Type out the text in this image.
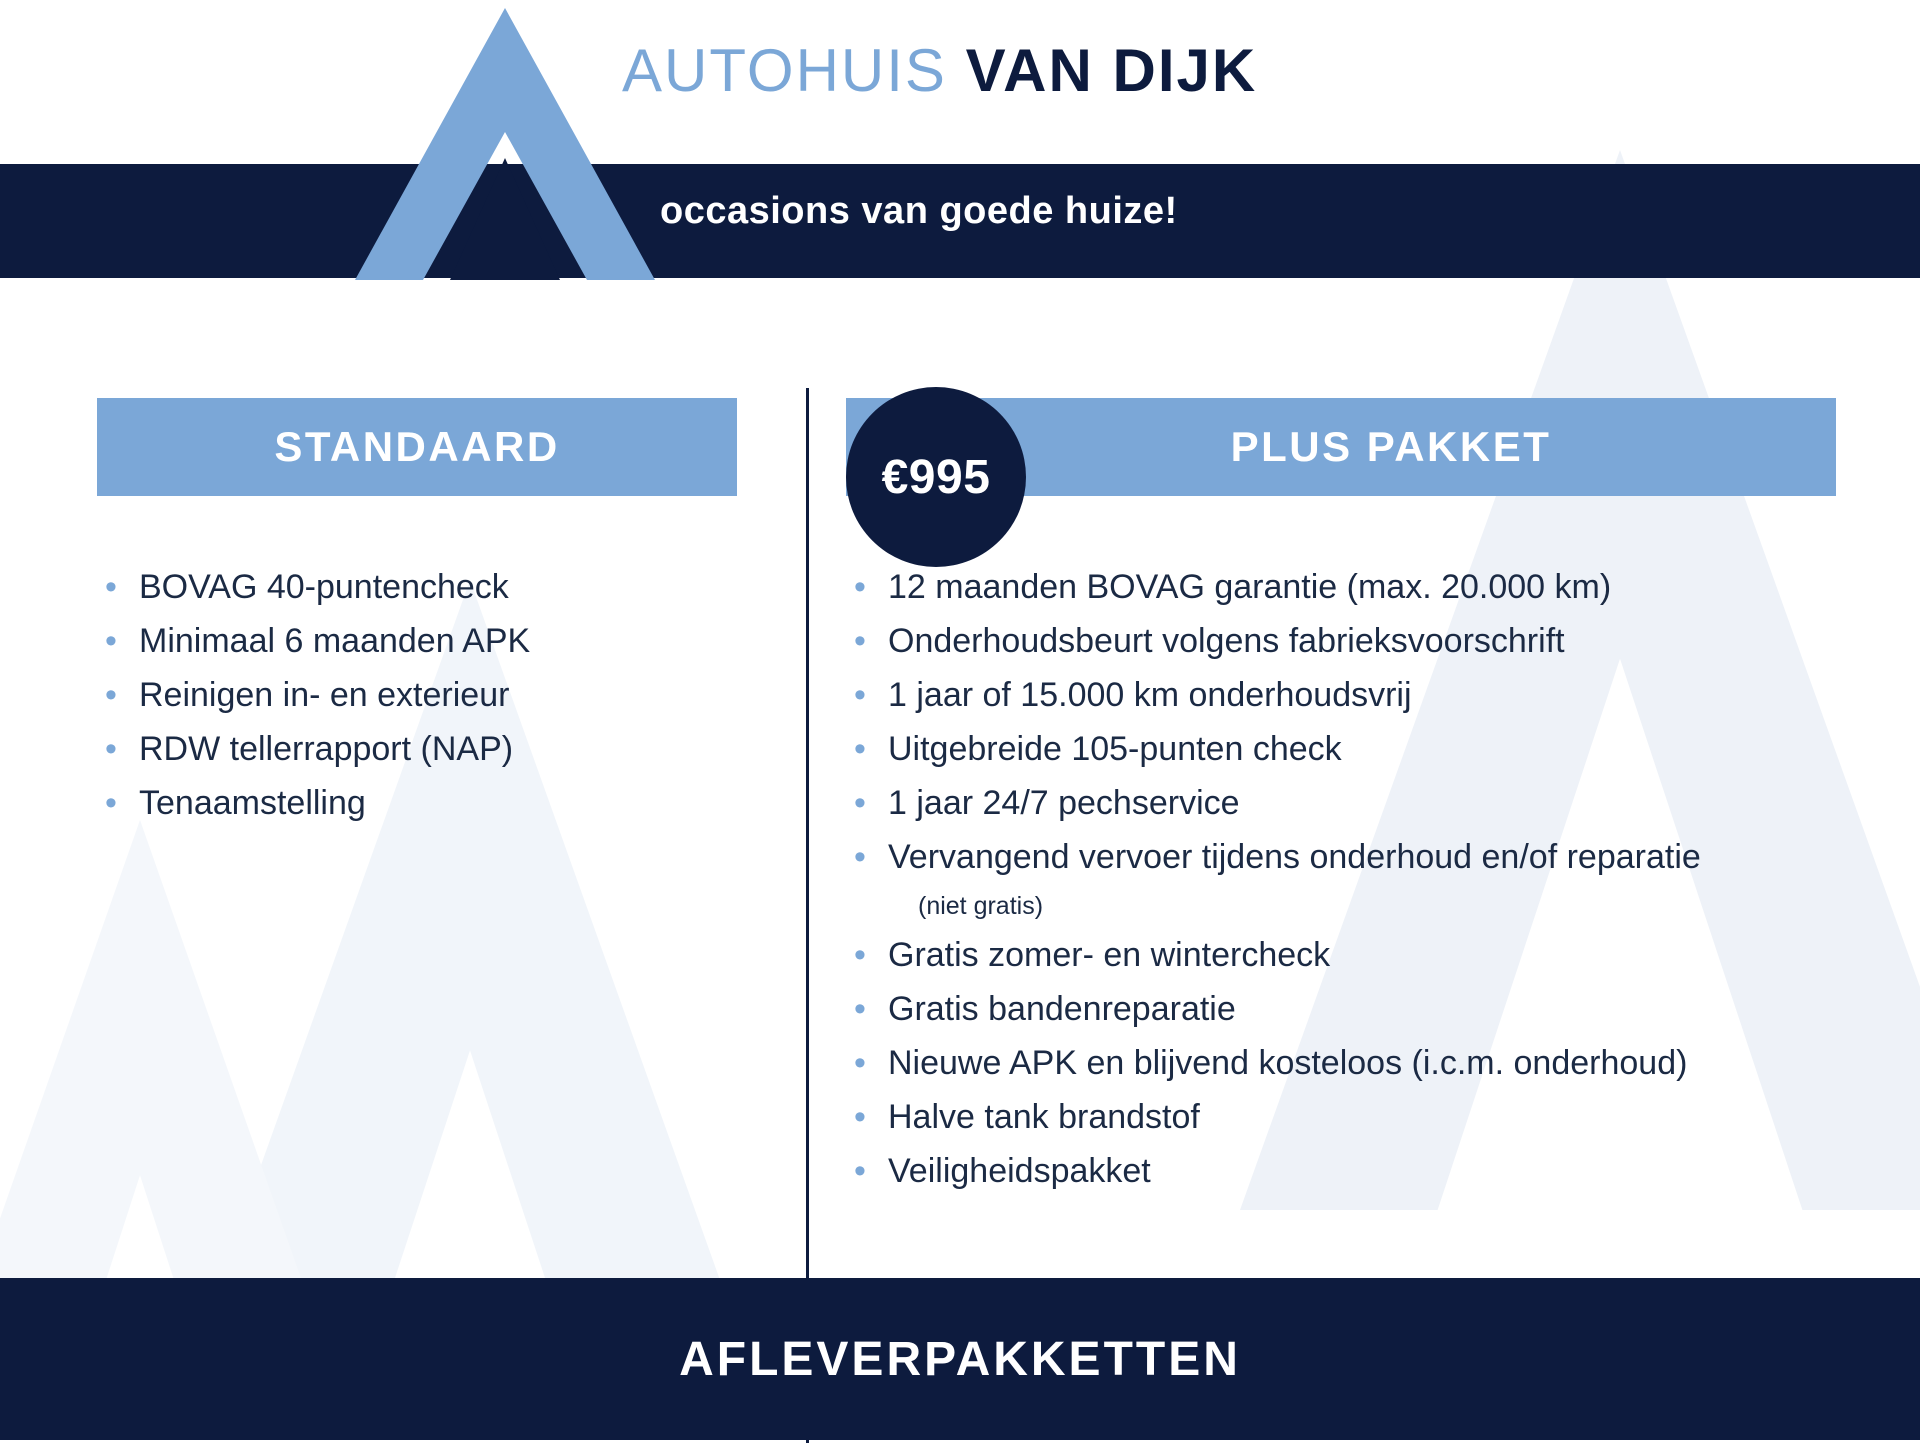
AUTOHUIS VAN DIJK
occasions van goede huize!
STANDAARD
• BOVAG 40-puntencheck
• Minimaal 6 maanden APK
• Reinigen in- en exterieur
• RDW tellerrapport (NAP)
• Tenaamstelling
PLUS PAKKET
€995
• 12 maanden BOVAG garantie (max. 20.000 km)
• Onderhoudsbeurt volgens fabrieksvoorschrift
• 1 jaar of 15.000 km onderhoudsvrij
• Uitgebreide 105-punten check
• 1 jaar 24/7 pechservice
• Vervangend vervoer tijdens onderhoud en/of reparatie
(niet gratis)
• Gratis zomer- en wintercheck
• Gratis bandenreparatie
• Nieuwe APK en blijvend kosteloos (i.c.m. onderhoud)
• Halve tank brandstof
• Veiligheidspakket
AFLEVERPAKKETTEN
